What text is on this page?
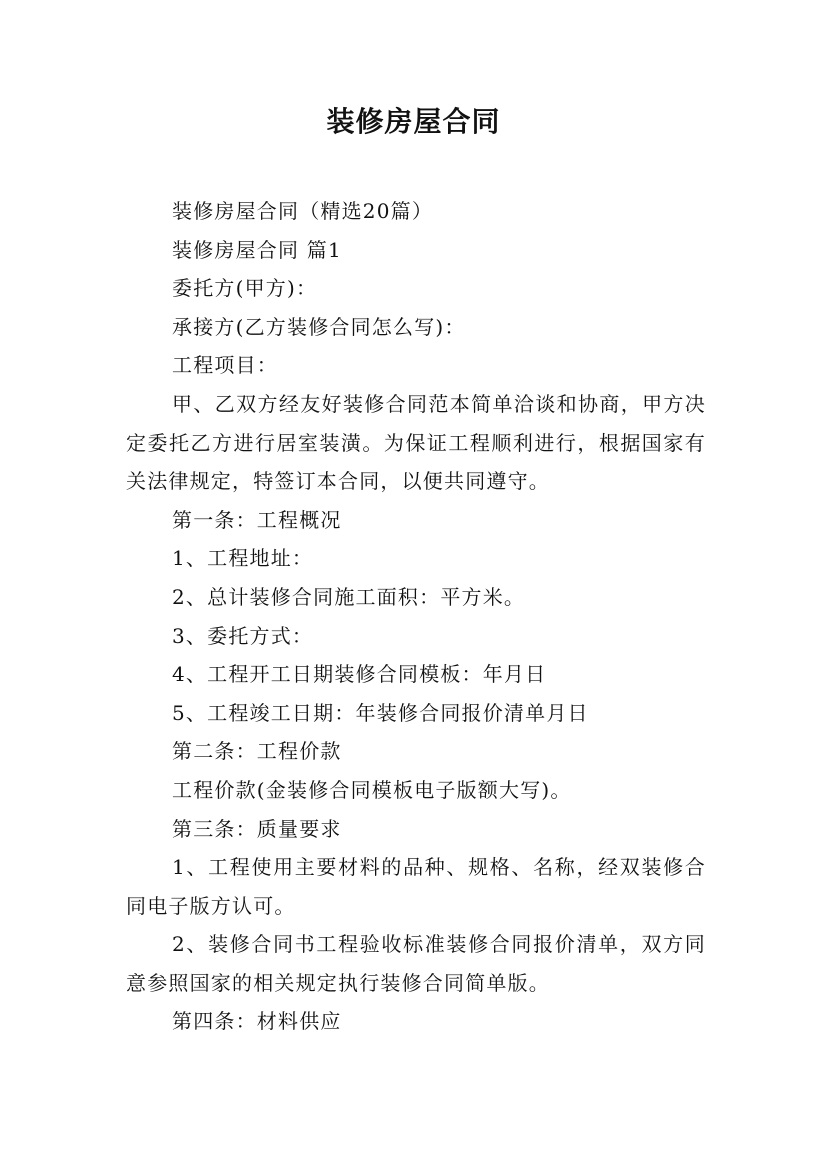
装修房屋合同

装修房屋合同（精选20篇）

装修房屋合同 篇1

委托方(甲方)：

承接方(乙方装修合同怎么写)：

工程项目：

甲、乙双方经友好装修合同范本简单洽谈和协商，甲方决定委托乙方进行居室装潢。为保证工程顺利进行，根据国家有关法律规定，特签订本合同，以便共同遵守。

第一条：工程概况

1、工程地址：

2、总计装修合同施工面积：平方米。

3、委托方式：

4、工程开工日期装修合同模板：年月日

5、工程竣工日期：年装修合同报价清单月日

第二条：工程价款

工程价款(金装修合同模板电子版额大写)。

第三条：质量要求

1、工程使用主要材料的品种、规格、名称，经双装修合同电子版方认可。

2、装修合同书工程验收标准装修合同报价清单，双方同意参照国家的相关规定执行装修合同简单版。

第四条：材料供应
